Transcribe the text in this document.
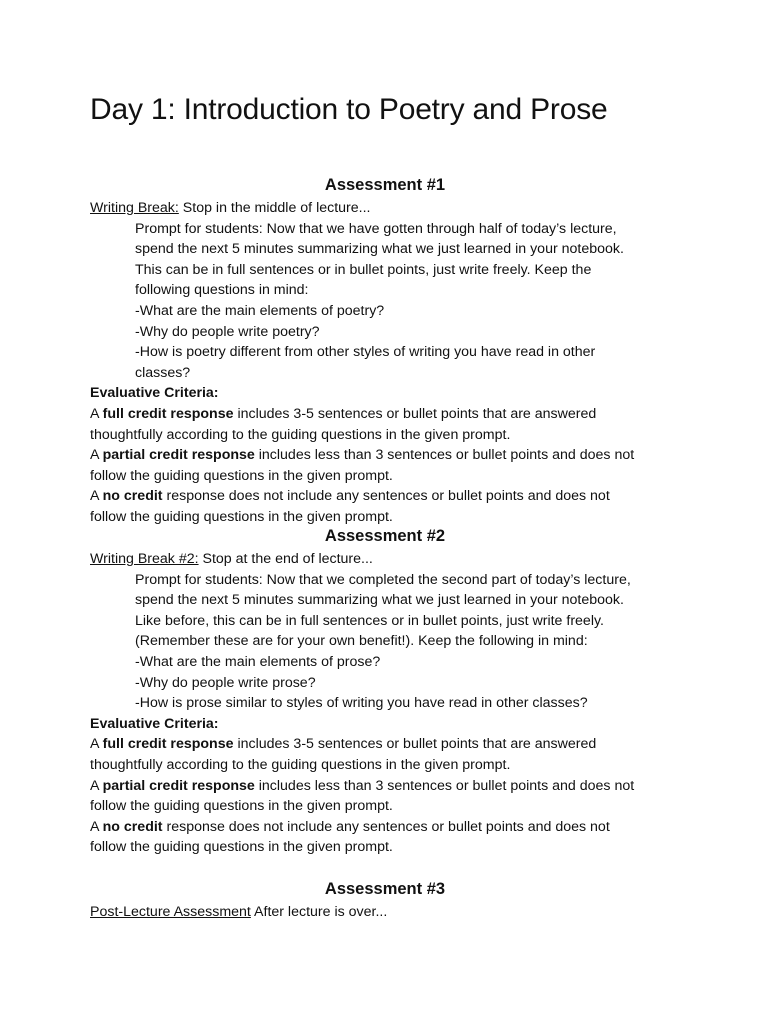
Day 1: Introduction to Poetry and Prose

Assessment #1

Writing Break: Stop in the middle of lecture...

Prompt for students: Now that we have gotten through half of today’s lecture,

spend the next 5 minutes summarizing what we just learned in your notebook.

This can be in full sentences or in bullet points, just write freely. Keep the

following questions in mind:

-What are the main elements of poetry?

-Why do people write poetry?

-How is poetry different from other styles of writing you have read in other

classes?

Evaluative Criteria:

A full credit response includes 3-5 sentences or bullet points that are answered

thoughtfully according to the guiding questions in the given prompt.

A partial credit response includes less than 3 sentences or bullet points and does not

follow the guiding questions in the given prompt.

A no credit response does not include any sentences or bullet points and does not

follow the guiding questions in the given prompt.

Assessment #2

Writing Break #2: Stop at the end of lecture...

Prompt for students: Now that we completed the second part of today’s lecture,

spend the next 5 minutes summarizing what we just learned in your notebook.

Like before, this can be in full sentences or in bullet points, just write freely.

(Remember these are for your own benefit!). Keep the following in mind:

-What are the main elements of prose?

-Why do people write prose?

-How is prose similar to styles of writing you have read in other classes?

Evaluative Criteria:

A full credit response includes 3-5 sentences or bullet points that are answered

thoughtfully according to the guiding questions in the given prompt.

A partial credit response includes less than 3 sentences or bullet points and does not

follow the guiding questions in the given prompt.

A no credit response does not include any sentences or bullet points and does not

follow the guiding questions in the given prompt.

Assessment #3

Post-Lecture Assessment After lecture is over...
